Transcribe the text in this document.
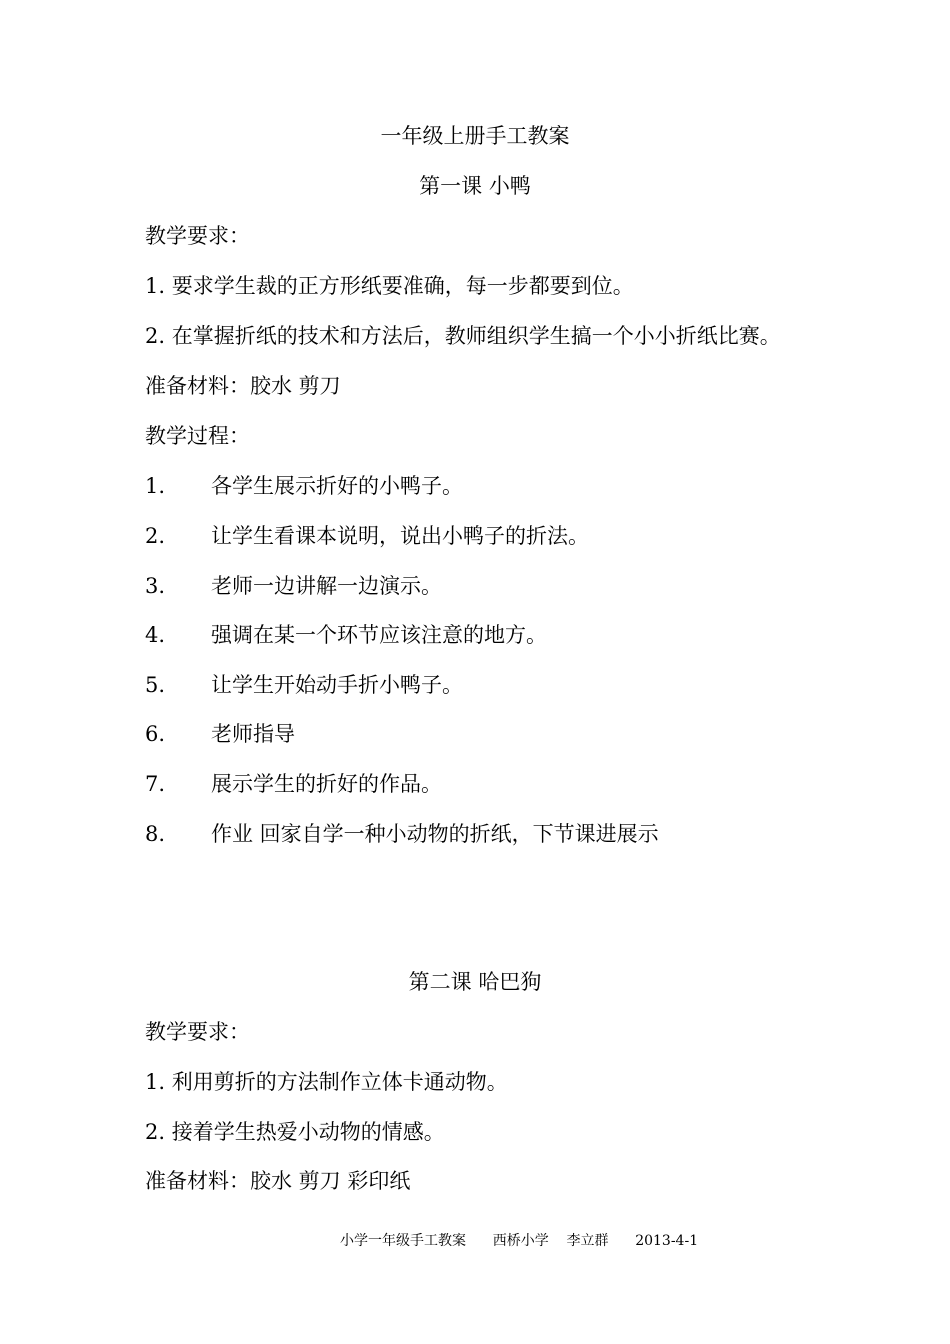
一年级上册手工教案
第一课 小鸭
教学要求：
1. 要求学生裁的正方形纸要准确，每一步都要到位。
2. 在掌握折纸的技术和方法后，教师组织学生搞一个小小折纸比赛。
准备材料：胶水 剪刀
教学过程：
1. 各学生展示折好的小鸭子。
2. 让学生看课本说明，说出小鸭子的折法。
3. 老师一边讲解一边演示。
4. 强调在某一个环节应该注意的地方。
5. 让学生开始动手折小鸭子。
6. 老师指导
7. 展示学生的折好的作品。
8. 作业 回家自学一种小动物的折纸，下节课进展示
第二课 哈巴狗
教学要求：
1. 利用剪折的方法制作立体卡通动物。
2. 接着学生热爱小动物的情感。
准备材料：胶水 剪刀 彩印纸
小学一年级手工教案      西桥小学    李立群      2013-4-1
